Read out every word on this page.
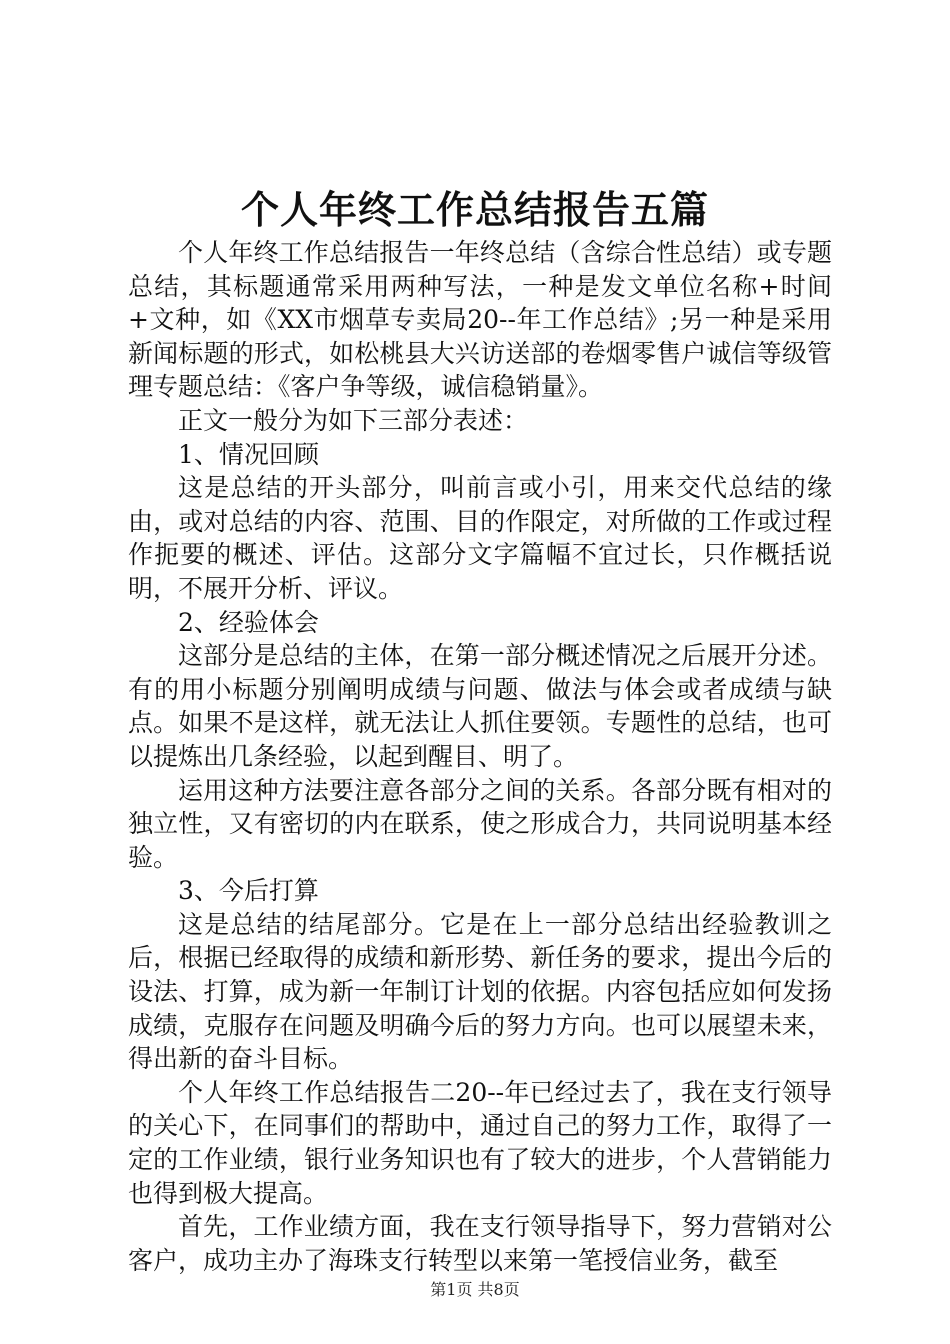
个人年终工作总结报告五篇

个人年终工作总结报告一年终总结（含综合性总结）或专题总结，其标题通常采用两种写法，一种是发文单位名称+时间+文种，如《XX市烟草专卖局20--年工作总结》;另一种是采用新闻标题的形式，如松桃县大兴访送部的卷烟零售户诚信等级管理专题总结：《客户争等级，诚信稳销量》。

正文一般分为如下三部分表述：

1、情况回顾

这是总结的开头部分，叫前言或小引，用来交代总结的缘由，或对总结的内容、范围、目的作限定，对所做的工作或过程作扼要的概述、评估。这部分文字篇幅不宜过长，只作概括说明，不展开分析、评议。

2、经验体会

这部分是总结的主体，在第一部分概述情况之后展开分述。有的用小标题分别阐明成绩与问题、做法与体会或者成绩与缺点。如果不是这样，就无法让人抓住要领。专题性的总结，也可以提炼出几条经验，以起到醒目、明了。

运用这种方法要注意各部分之间的关系。各部分既有相对的独立性，又有密切的内在联系，使之形成合力，共同说明基本经验。

3、今后打算

这是总结的结尾部分。它是在上一部分总结出经验教训之后，根据已经取得的成绩和新形势、新任务的要求，提出今后的设法、打算，成为新一年制订计划的依据。内容包括应如何发扬成绩，克服存在问题及明确今后的努力方向。也可以展望未来，得出新的奋斗目标。

个人年终工作总结报告二20--年已经过去了，我在支行领导的关心下，在同事们的帮助中，通过自己的努力工作，取得了一定的工作业绩，银行业务知识也有了较大的进步，个人营销能力也得到极大提高。

首先，工作业绩方面，我在支行领导指导下，努力营销对公客户，成功主办了海珠支行转型以来第一笔授信业务，截至

第1页 共8页
